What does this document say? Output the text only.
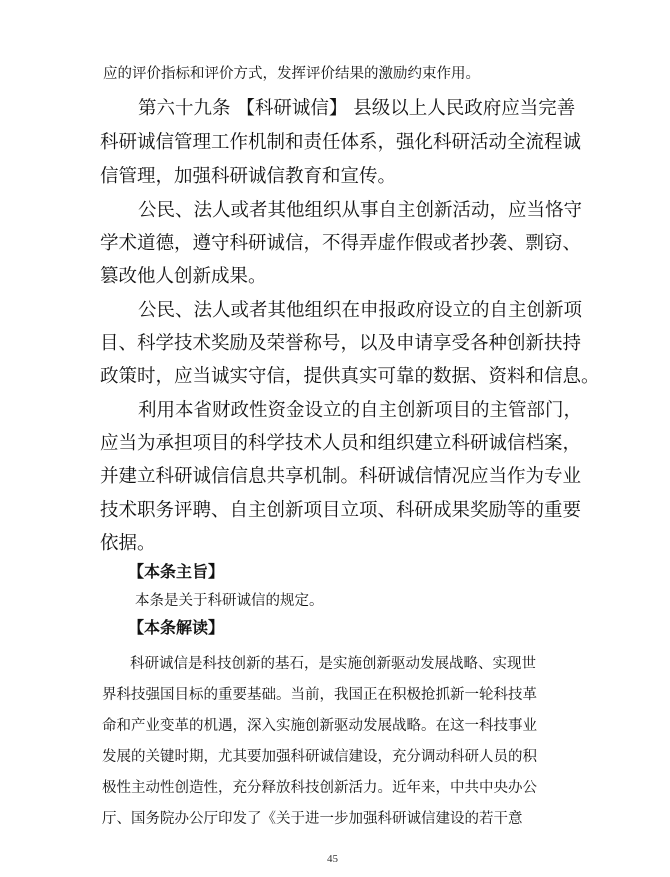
应的评价指标和评价方式，发挥评价结果的激励约束作用。
第六十九条 【科研诚信】 县级以上人民政府应当完善
科研诚信管理工作机制和责任体系，强化科研活动全流程诚
信管理，加强科研诚信教育和宣传。
公民、法人或者其他组织从事自主创新活动，应当恪守
学术道德，遵守科研诚信，不得弄虚作假或者抄袭、剽窃、
篡改他人创新成果。
公民、法人或者其他组织在申报政府设立的自主创新项
目、科学技术奖励及荣誉称号，以及申请享受各种创新扶持
政策时，应当诚实守信，提供真实可靠的数据、资料和信息。
利用本省财政性资金设立的自主创新项目的主管部门，
应当为承担项目的科学技术人员和组织建立科研诚信档案，
并建立科研诚信信息共享机制。科研诚信情况应当作为专业
技术职务评聘、自主创新项目立项、科研成果奖励等的重要
依据。
【本条主旨】
本条是关于科研诚信的规定。
【本条解读】
科研诚信是科技创新的基石，是实施创新驱动发展战略、实现世
界科技强国目标的重要基础。当前，我国正在积极抢抓新一轮科技革
命和产业变革的机遇，深入实施创新驱动发展战略。在这一科技事业
发展的关键时期，尤其要加强科研诚信建设，充分调动科研人员的积
极性主动性创造性，充分释放科技创新活力。近年来，中共中央办公
厅、国务院办公厅印发了《关于进一步加强科研诚信建设的若干意
45
